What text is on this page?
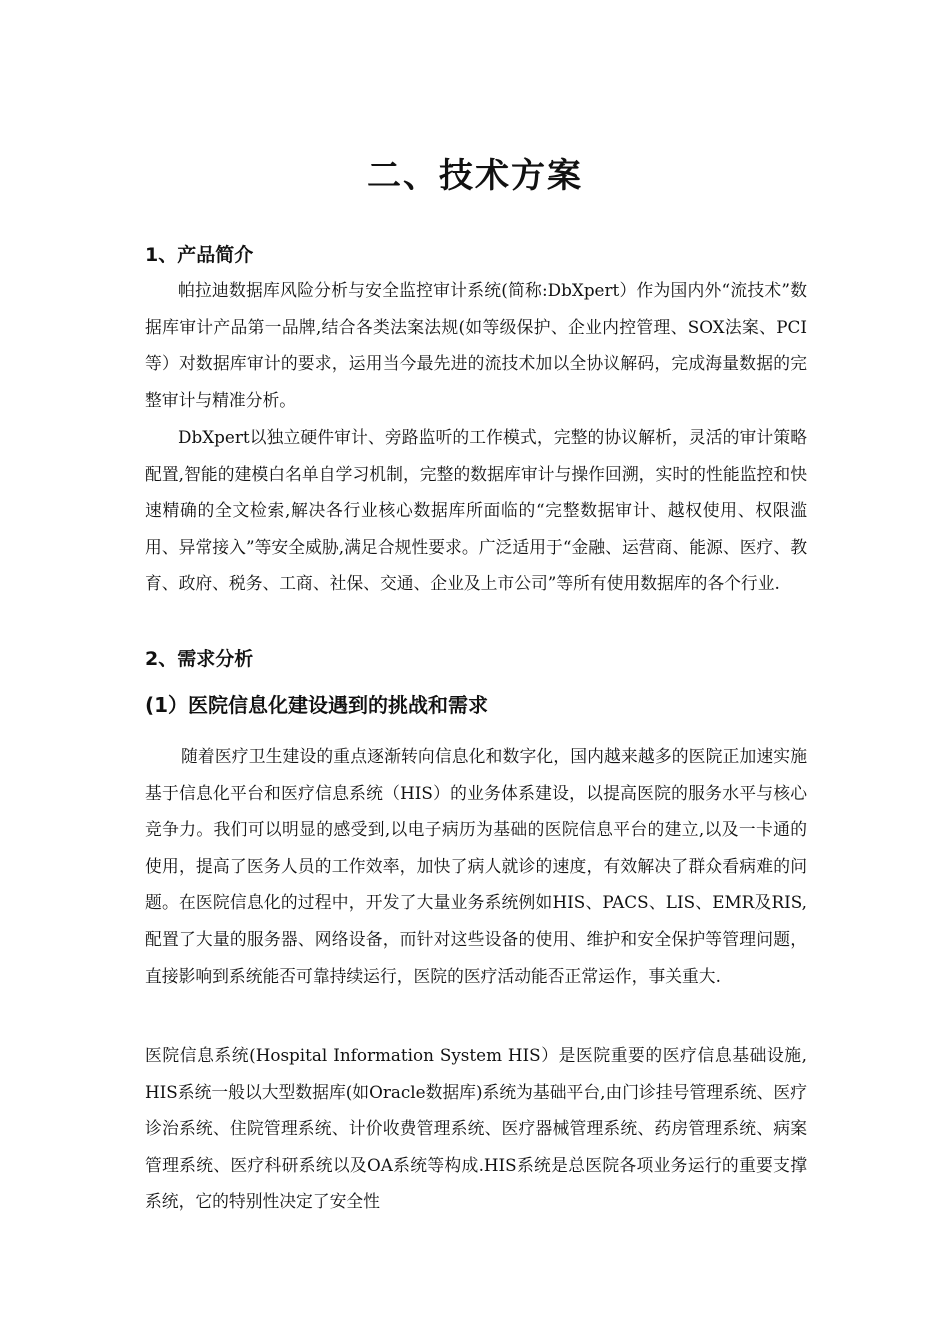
二、技术方案
1、产品简介

帕拉迪数据库风险分析与安全监控审计系统(简称:DbXpert）作为国内外“流技术”数据库审计产品第一品牌,结合各类法案法规(如等级保护、企业内控管理、SOX法案、PCI等）对数据库审计的要求，运用当今最先进的流技术加以全协议解码，完成海量数据的完整审计与精准分析。

DbXpert以独立硬件审计、旁路监听的工作模式，完整的协议解析，灵活的审计策略配置,智能的建模白名单自学习机制，完整的数据库审计与操作回溯，实时的性能监控和快速精确的全文检索,解决各行业核心数据库所面临的“完整数据审计、越权使用、权限滥用、异常接入”等安全威胁,满足合规性要求。广泛适用于“金融、运营商、能源、医疗、教育、政府、税务、工商、社保、交通、企业及上市公司”等所有使用数据库的各个行业.

2、需求分析
(1）医院信息化建设遇到的挑战和需求

随着医疗卫生建设的重点逐渐转向信息化和数字化，国内越来越多的医院正加速实施基于信息化平台和医疗信息系统（HIS）的业务体系建设，以提高医院的服务水平与核心竞争力。我们可以明显的感受到,以电子病历为基础的医院信息平台的建立,以及一卡通的使用，提高了医务人员的工作效率，加快了病人就诊的速度，有效解决了群众看病难的问题。在医院信息化的过程中，开发了大量业务系统例如HIS、PACS、LIS、EMR及RIS,配置了大量的服务器、网络设备，而针对这些设备的使用、维护和安全保护等管理问题，直接影响到系统能否可靠持续运行，医院的医疗活动能否正常运作，事关重大.

医院信息系统(Hospital Information System HIS）是医院重要的医疗信息基础设施,HIS系统一般以大型数据库(如Oracle数据库)系统为基础平台,由门诊挂号管理系统、医疗诊治系统、住院管理系统、计价收费管理系统、医疗器械管理系统、药房管理系统、病案管理系统、医疗科研系统以及OA系统等构成.HIS系统是总医院各项业务运行的重要支撑系统，它的特别性决定了安全性
